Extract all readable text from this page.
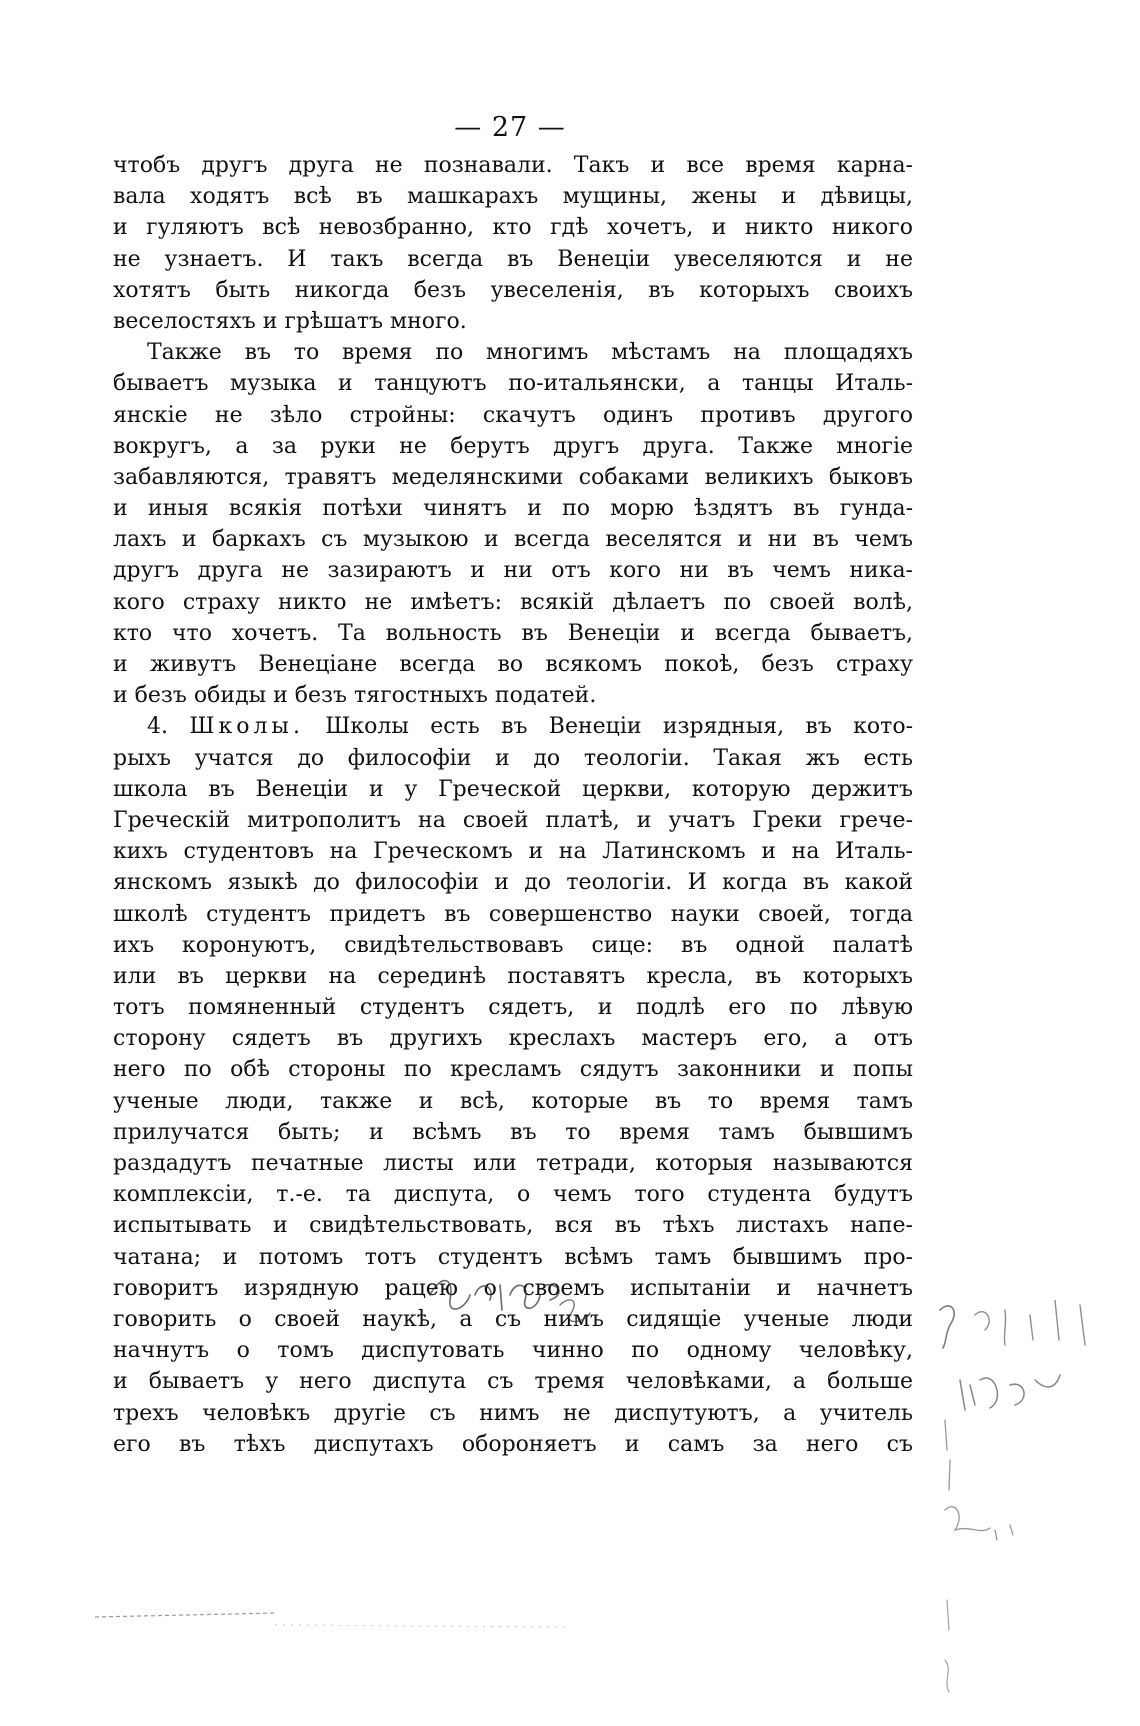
— 27 —
чтобъ другъ друга не познавали. Такъ и все время карна-
вала ходятъ всѣ въ машкарахъ мущины, жены и дѣвицы,
и гуляютъ всѣ невозбранно, кто гдѣ хочетъ, и никто никого
не узнаетъ. И такъ всегда въ Венеціи увеселяются и не
хотятъ быть никогда безъ увеселенія, въ которыхъ своихъ
веселостяхъ и грѣшатъ много.
Также въ то время по многимъ мѣстамъ на площадяхъ
бываетъ музыка и танцуютъ по-итальянски, а танцы Италь-
янскіе не зѣло стройны: скачутъ одинъ противъ другого
вокругъ, а за руки не берутъ другъ друга. Также многіе
забавляются, травятъ меделянскими собаками великихъ быковъ
и иныя всякія потѣхи чинятъ и по морю ѣздятъ въ гунда-
лахъ и баркахъ съ музыкою и всегда веселятся и ни въ чемъ
другъ друга не зазираютъ и ни отъ кого ни въ чемъ ника-
кого страху никто не имѣетъ: всякій дѣлаетъ по своей волѣ,
кто что хочетъ. Та вольность въ Венеціи и всегда бываетъ,
и живутъ Венеціане всегда во всякомъ покоѣ, безъ страху
и безъ обиды и безъ тягостныхъ податей.
4. Школы. Школы есть въ Венеціи изрядныя, въ кото-
рыхъ учатся до философіи и до теологіи. Такая жъ есть
школа въ Венеціи и у Греческой церкви, которую держитъ
Греческій митрополитъ на своей платѣ, и учатъ Греки грече-
кихъ студентовъ на Греческомъ и на Латинскомъ и на Италь-
янскомъ языкѣ до философіи и до теологіи. И когда въ какой
школѣ студентъ придетъ въ совершенство науки своей, тогда
ихъ коронуютъ, свидѣтельствовавъ сице: въ одной палатѣ
или въ церкви на серединѣ поставятъ кресла, въ которыхъ
тотъ помяненный студентъ сядетъ, и подлѣ его по лѣвую
сторону сядетъ въ другихъ креслахъ мастеръ его, а отъ
него по обѣ стороны по кресламъ сядутъ законники и попы
ученые люди, также и всѣ, которые въ то время тамъ
прилучатся быть; и всѣмъ въ то время тамъ бывшимъ
раздадутъ печатные листы или тетради, которыя называются
комплексіи, т.-е. та диспута, о чемъ того студента будутъ
испытывать и свидѣтельствовать, вся въ тѣхъ листахъ напе-
чатана; и потомъ тотъ студентъ всѣмъ тамъ бывшимъ про-
говоритъ изрядную рацею о своемъ испытаніи и начнетъ
говорить о своей наукѣ, а съ нимъ сидящіе ученые люди
начнутъ о томъ диспутовать чинно по одному человѣку,
и бываетъ у него диспута съ тремя человѣками, а больше
трехъ человѣкъ другіе съ нимъ не диспутуютъ, а учитель
его въ тѣхъ диспутахъ обороняетъ и самъ за него съ
